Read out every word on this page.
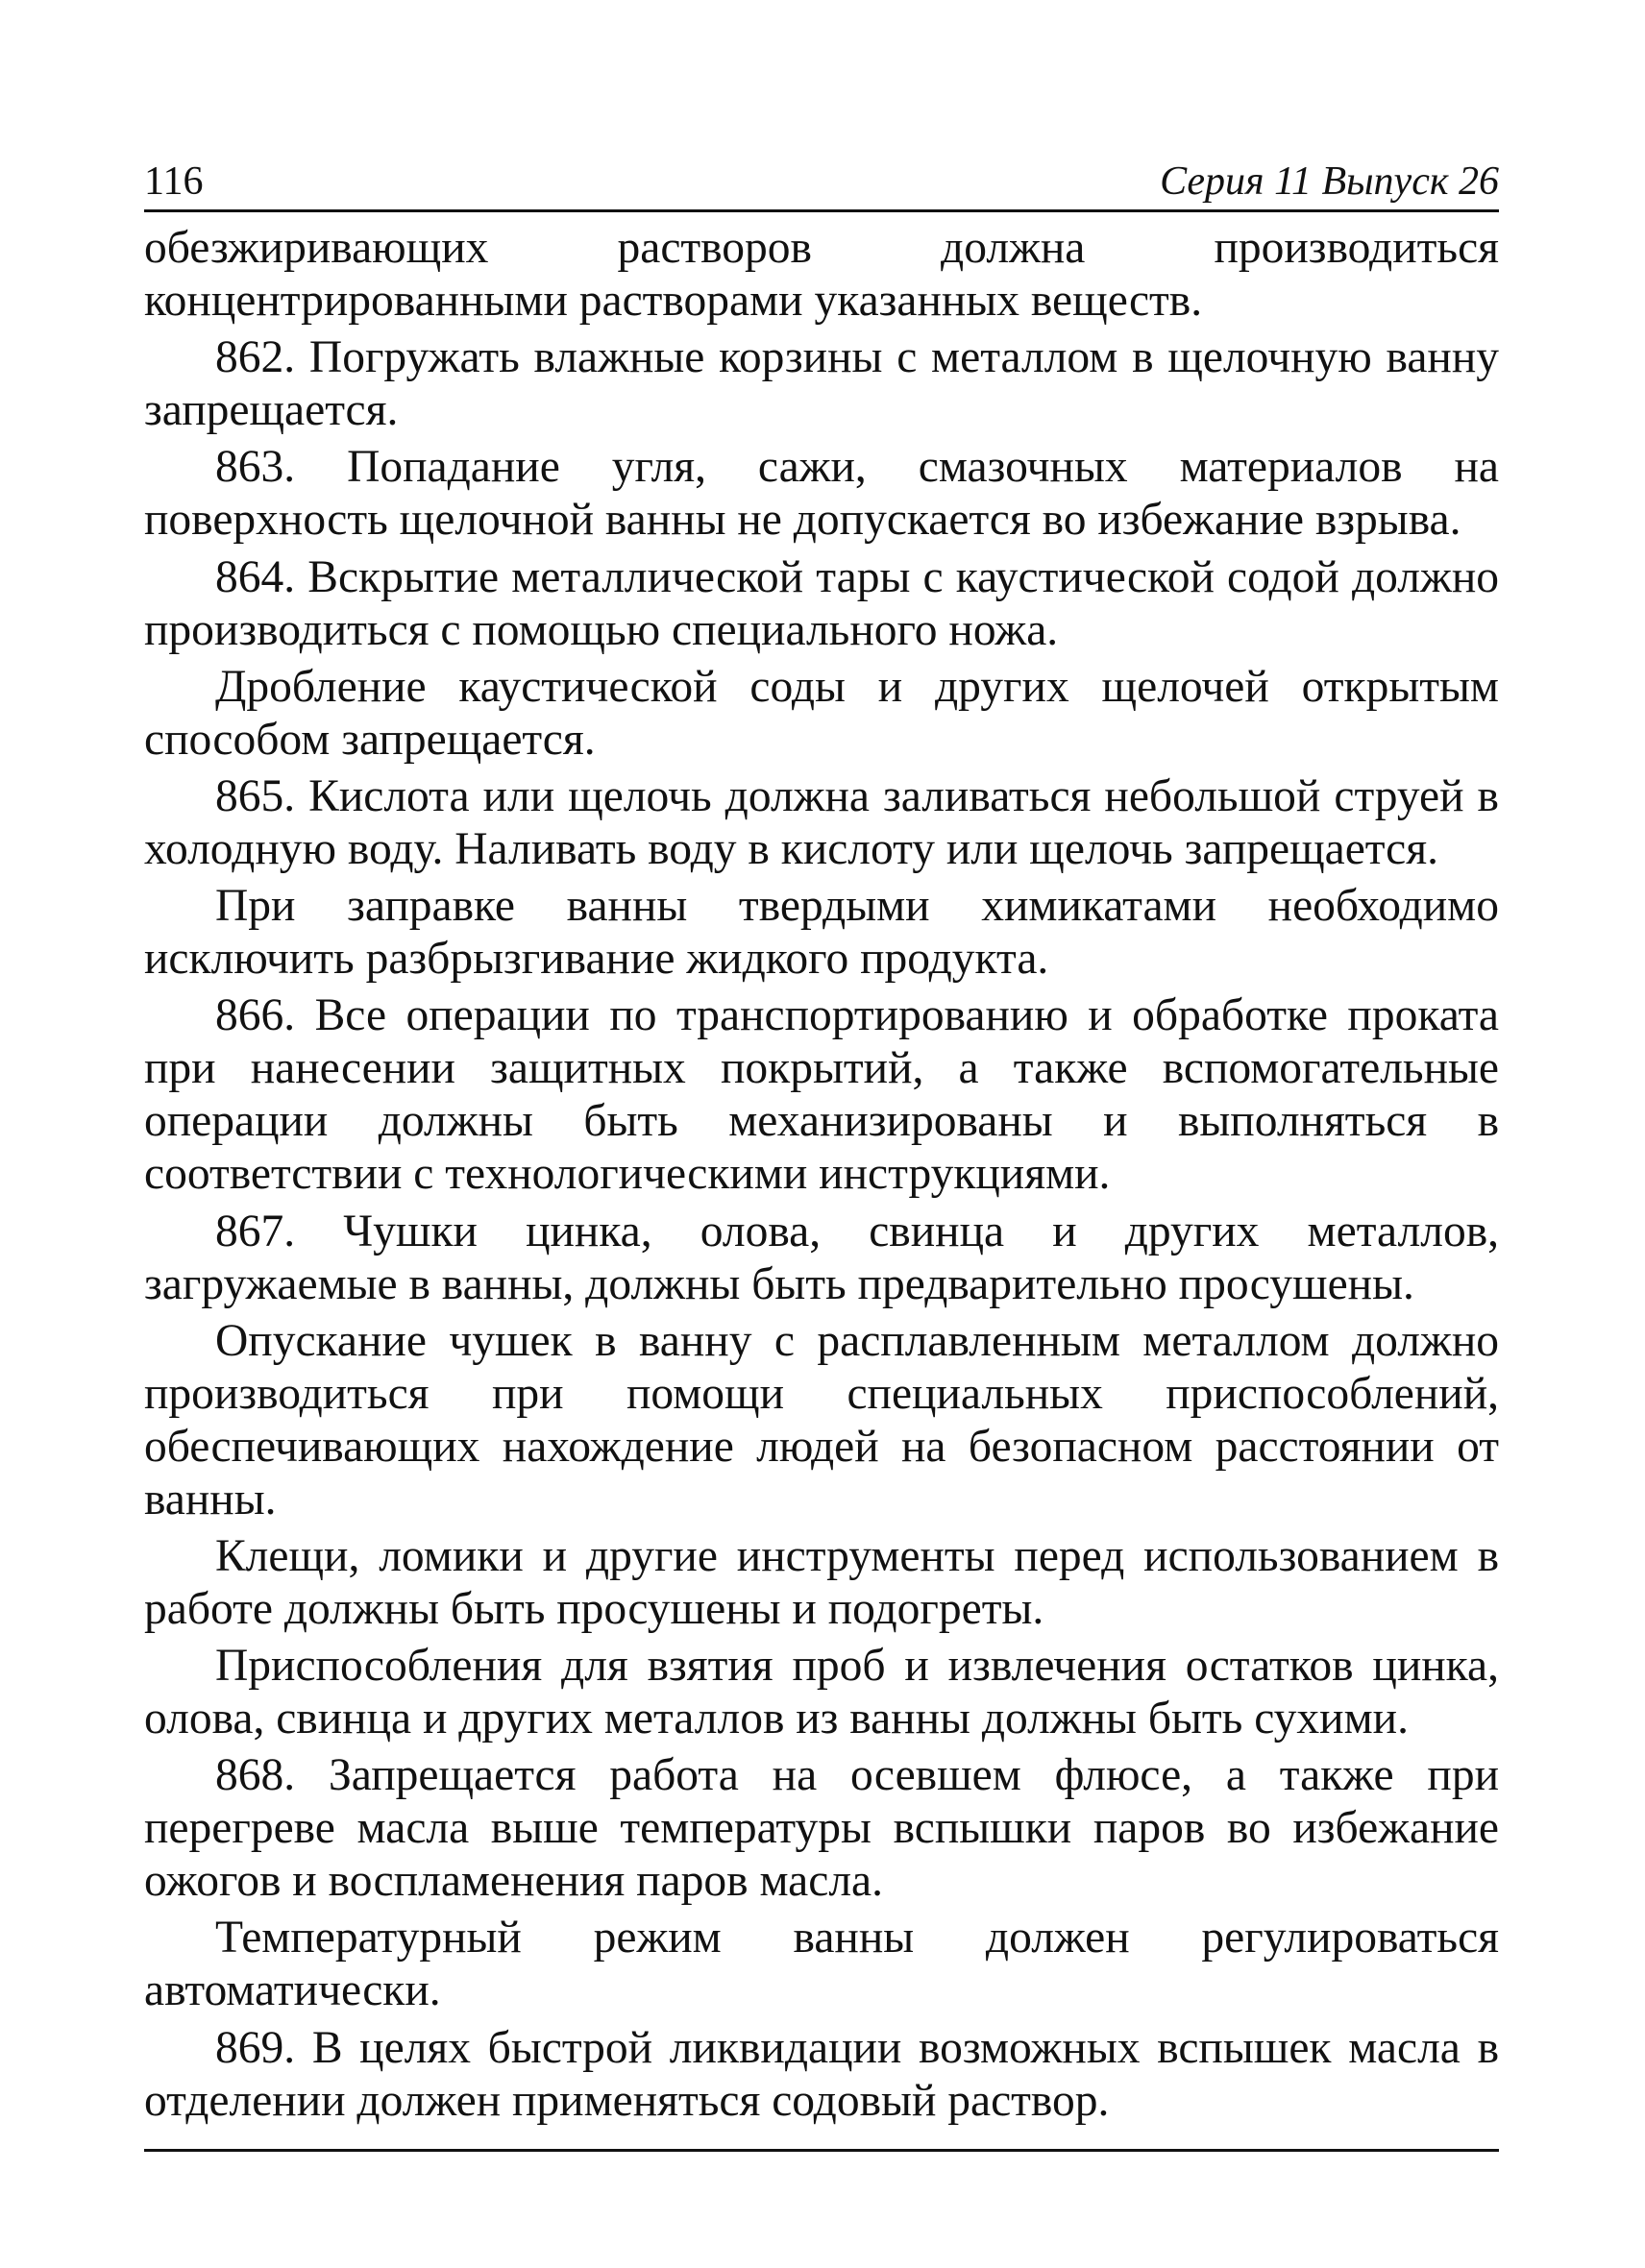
116	Серия 11 Выпуск 26

обезжиривающих растворов должна производиться концентрированными растворами указанных веществ.

862. Погружать влажные корзины с металлом в щелочную ванну запрещается.

863. Попадание угля, сажи, смазочных материалов на поверхность щелочной ванны не допускается во избежание взрыва.

864. Вскрытие металлической тары с каустической содой должно производиться с помощью специального ножа.

Дробление каустической соды и других щелочей открытым способом запрещается.

865. Кислота или щелочь должна заливаться небольшой струей в холодную воду. Наливать воду в кислоту или щелочь запрещается.

При заправке ванны твердыми химикатами необходимо исключить разбрызгивание жидкого продукта.

866. Все операции по транспортированию и обработке проката при нанесении защитных покрытий, а также вспомогательные операции должны быть механизированы и выполняться в соответствии с технологическими инструкциями.

867. Чушки цинка, олова, свинца и других металлов, загружаемые в ванны, должны быть предварительно просушены.

Опускание чушек в ванну с расплавленным металлом должно производиться при помощи специальных приспособлений, обеспечивающих нахождение людей на безопасном расстоянии от ванны.

Клещи, ломики и другие инструменты перед использованием в работе должны быть просушены и подогреты.

Приспособления для взятия проб и извлечения остатков цинка, олова, свинца и других металлов из ванны должны быть сухими.

868. Запрещается работа на осевшем флюсе, а также при перегреве масла выше температуры вспышки паров во избежание ожогов и воспламенения паров масла.

Температурный режим ванны должен регулироваться автоматически.

869. В целях быстрой ликвидации возможных вспышек масла в отделении должен применяться содовый раствор.
